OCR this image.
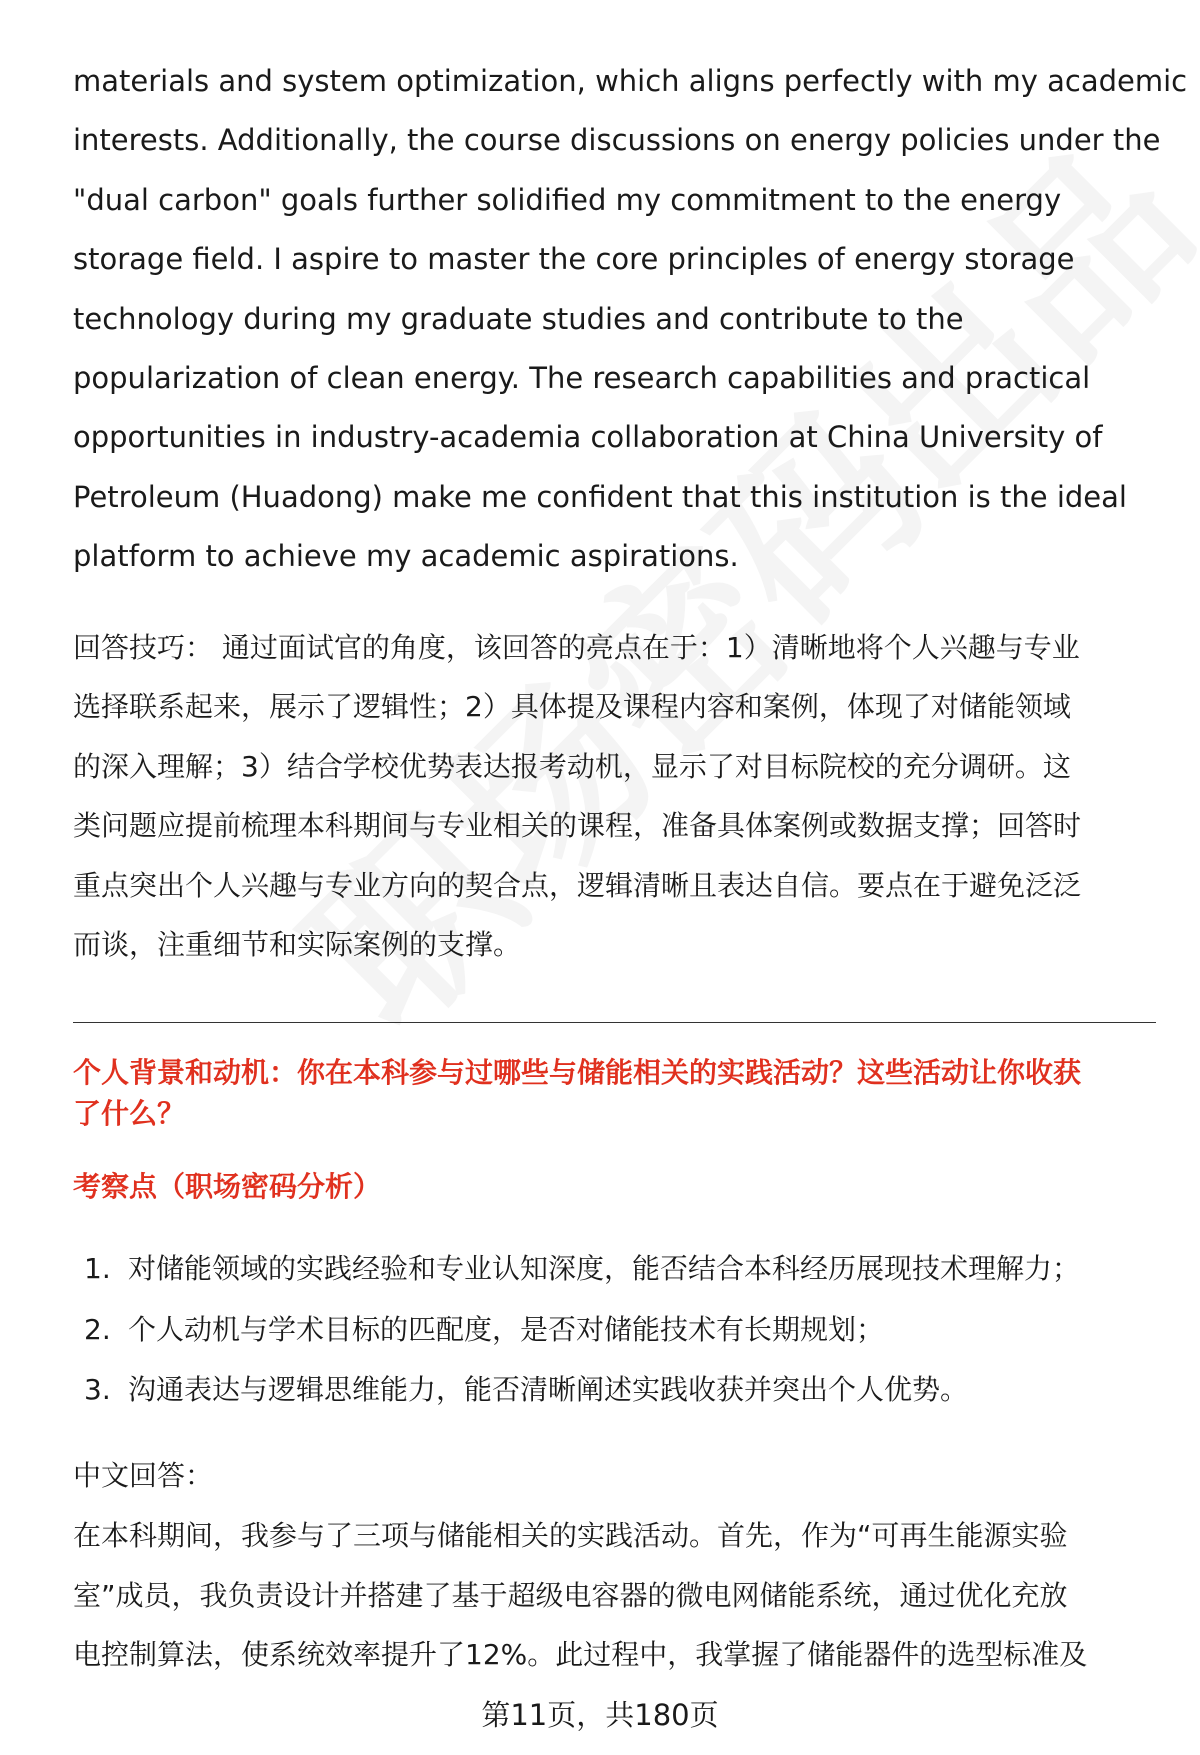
materials and system optimization, which aligns perfectly with my academic
interests. Additionally, the course discussions on energy policies under the
"dual carbon" goals further solidified my commitment to the energy
storage field. I aspire to master the core principles of energy storage
technology during my graduate studies and contribute to the
popularization of clean energy. The research capabilities and practical
opportunities in industry-academia collaboration at China University of
Petroleum (Huadong) make me confident that this institution is the ideal
platform to achieve my academic aspirations.
回答技巧： 通过面试官的角度，该回答的亮点在于：1）清晰地将个人兴趣与专业
选择联系起来，展示了逻辑性；2）具体提及课程内容和案例，体现了对储能领域
的深入理解；3）结合学校优势表达报考动机，显示了对目标院校的充分调研。这
类问题应提前梳理本科期间与专业相关的课程，准备具体案例或数据支撑；回答时
重点突出个人兴趣与专业方向的契合点，逻辑清晰且表达自信。要点在于避免泛泛
而谈，注重细节和实际案例的支撑。
个人背景和动机：你在本科参与过哪些与储能相关的实践活动？这些活动让你收获
了什么？
考察点（职场密码分析）
1. 对储能领域的实践经验和专业认知深度，能否结合本科经历展现技术理解力；
2. 个人动机与学术目标的匹配度，是否对储能技术有长期规划；
3. 沟通表达与逻辑思维能力，能否清晰阐述实践收获并突出个人优势。
中文回答：
在本科期间，我参与了三项与储能相关的实践活动。首先，作为“可再生能源实验
室”成员，我负责设计并搭建了基于超级电容器的微电网储能系统，通过优化充放
电控制算法，使系统效率提升了12%。此过程中，我掌握了储能器件的选型标准及
第11页，共180页
